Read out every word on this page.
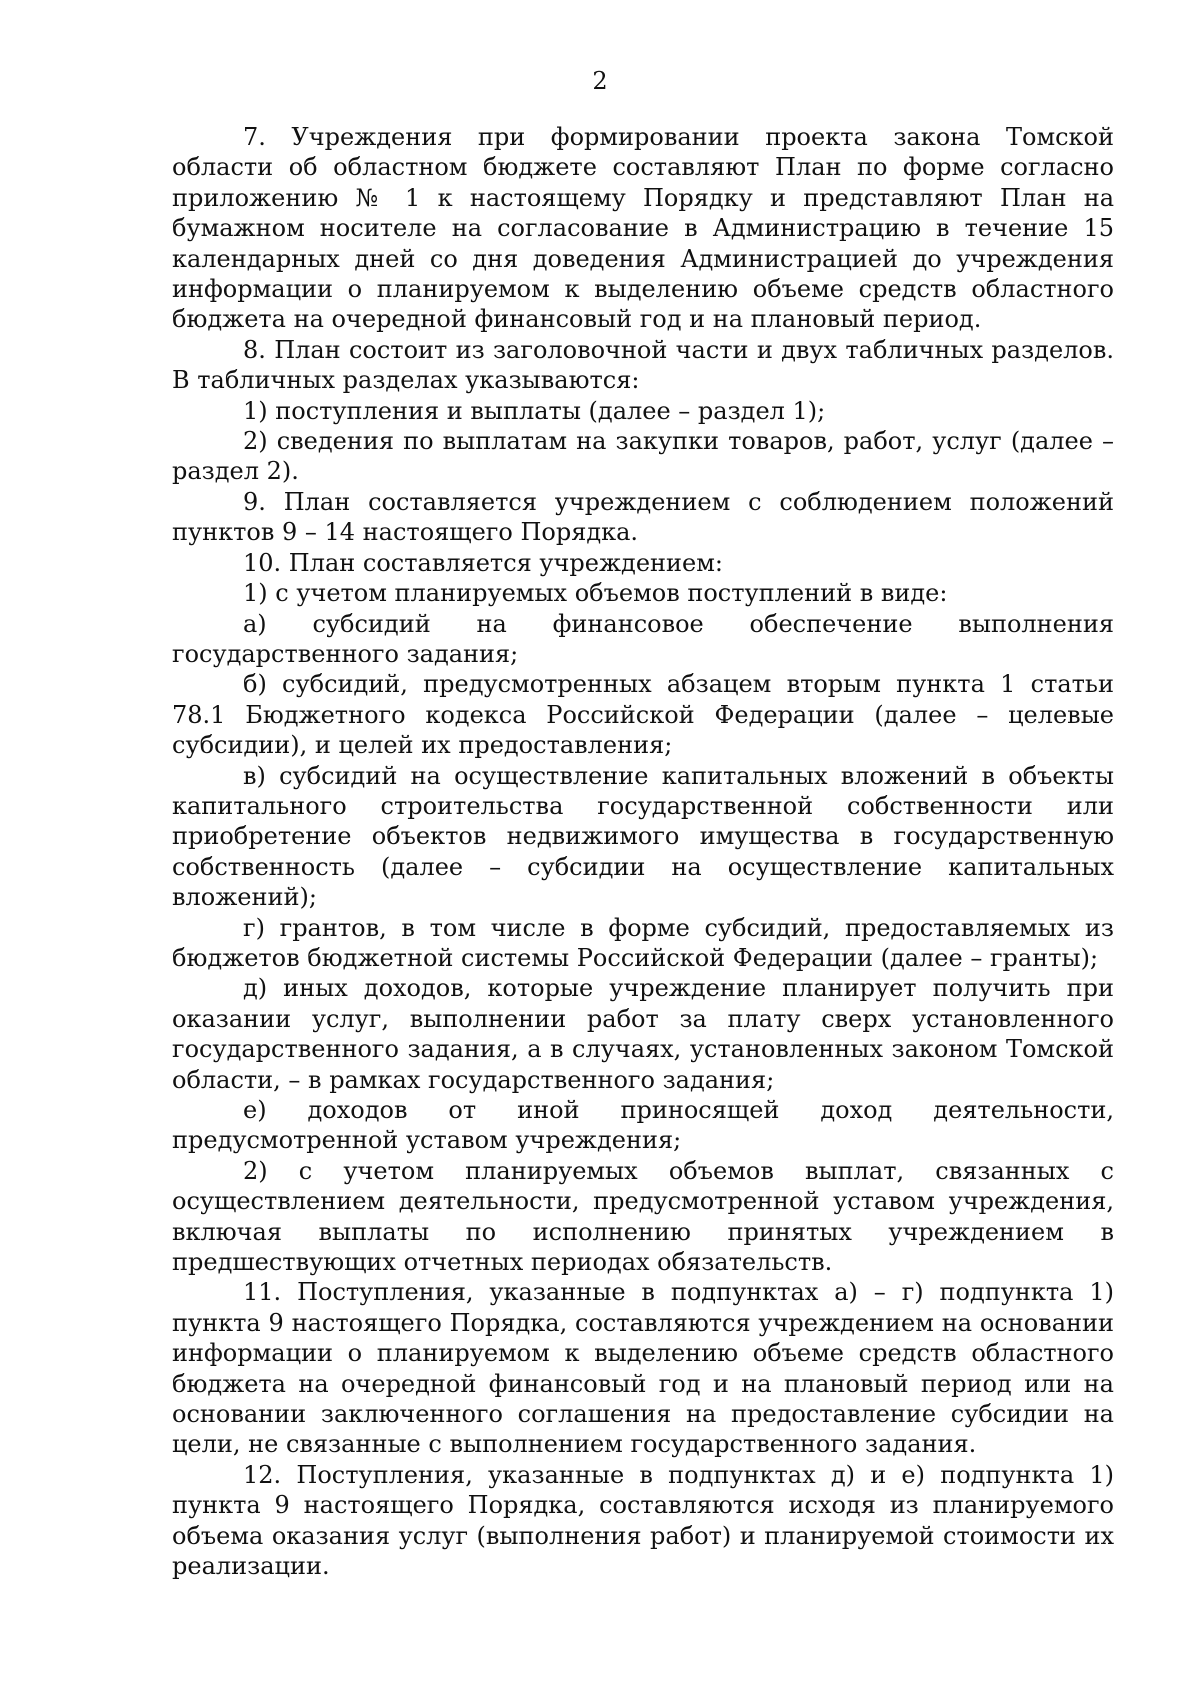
2

7. Учреждения при формировании проекта закона Томской области об областном бюджете составляют План по форме согласно приложению № 1 к настоящему Порядку и представляют План на бумажном носителе на согласование в Администрацию в течение 15 календарных дней со дня доведения Администрацией до учреждения информации о планируемом к выделению объеме средств областного бюджета на очередной финансовый год и на плановый период.

8. План состоит из заголовочной части и двух табличных разделов. В табличных разделах указываются:

1) поступления и выплаты (далее – раздел 1);

2) сведения по выплатам на закупки товаров, работ, услуг (далее – раздел 2).

9. План составляется учреждением с соблюдением положений пунктов 9 – 14 настоящего Порядка.

10. План составляется учреждением:

1) с учетом планируемых объемов поступлений в виде:

а) субсидий на финансовое обеспечение выполнения государственного задания;

б) субсидий, предусмотренных абзацем вторым пункта 1 статьи 78.1 Бюджетного кодекса Российской Федерации (далее – целевые субсидии), и целей их предоставления;

в) субсидий на осуществление капитальных вложений в объекты капитального строительства государственной собственности или приобретение объектов недвижимого имущества в государственную собственность (далее – субсидии на осуществление капитальных вложений);

г) грантов, в том числе в форме субсидий, предоставляемых из бюджетов бюджетной системы Российской Федерации (далее – гранты);

д) иных доходов, которые учреждение планирует получить при оказании услуг, выполнении работ за плату сверх установленного государственного задания, а в случаях, установленных законом Томской области, – в рамках государственного задания;

е) доходов от иной приносящей доход деятельности, предусмотренной уставом учреждения;

2) с учетом планируемых объемов выплат, связанных с осуществлением деятельности, предусмотренной уставом учреждения, включая выплаты по исполнению принятых учреждением в предшествующих отчетных периодах обязательств.

11. Поступления, указанные в подпунктах а) – г) подпункта 1) пункта 9 настоящего Порядка, составляются учреждением на основании информации о планируемом к выделению объеме средств областного бюджета на очередной финансовый год и на плановый период или на основании заключенного соглашения на предоставление субсидии на цели, не связанные с выполнением государственного задания.

12. Поступления, указанные в подпунктах д) и е) подпункта 1) пункта 9 настоящего Порядка, составляются исходя из планируемого объема оказания услуг (выполнения работ) и планируемой стоимости их реализации.
